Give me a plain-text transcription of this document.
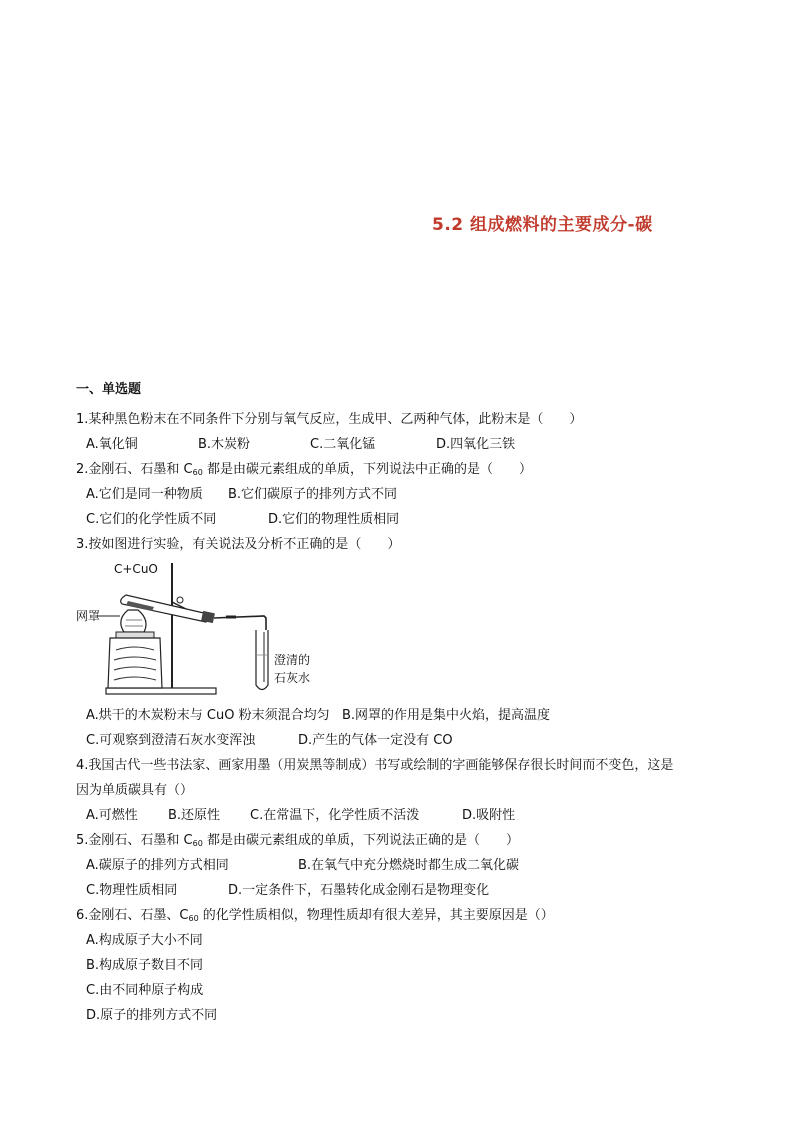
5.2 组成燃料的主要成分-碳
一、单选题
1.某种黑色粉末在不同条件下分别与氧气反应，生成甲、乙两种气体，此粉末是（　　）
A.氧化铜	B.木炭粉	C.二氧化锰	D.四氧化三铁
2.金刚石、石墨和 $C_{60}$ 都是由碳元素组成的单质，下列说法中正确的是（　　）
A.它们是同一种物质 B.它们碳原子的排列方式不同
C.它们的化学性质不同	D.它们的物理性质相同
3.按如图进行实验，有关说法及分析不正确的是（　　）
C+CuO
网罩
澄清的
石灰水
A.烘干的木炭粉末与 CuO 粉末须混合均匀 B.网罩的作用是集中火焰，提高温度
C.可观察到澄清石灰水变浑浊	D.产生的气体一定没有 CO
4.我国古代一些书法家、画家用墨（用炭黑等制成）书写或绘制的字画能够保存很长时间而不变色，这是
因为单质碳具有（）
A.可燃性 B.还原性 C.在常温下，化学性质不活泼	D.吸附性
5.金刚石、石墨和 $C_{60}$ 都是由碳元素组成的单质，下列说法正确的是（　　）
A.碳原子的排列方式相同	B.在氧气中充分燃烧时都生成二氧化碳
C.物理性质相同	D.一定条件下，石墨转化成金刚石是物理变化
6.金刚石、石墨、$C_{60}$ 的化学性质相似，物理性质却有很大差异，其主要原因是（）
A.构成原子大小不同
B.构成原子数目不同
C.由不同种原子构成
D.原子的排列方式不同
